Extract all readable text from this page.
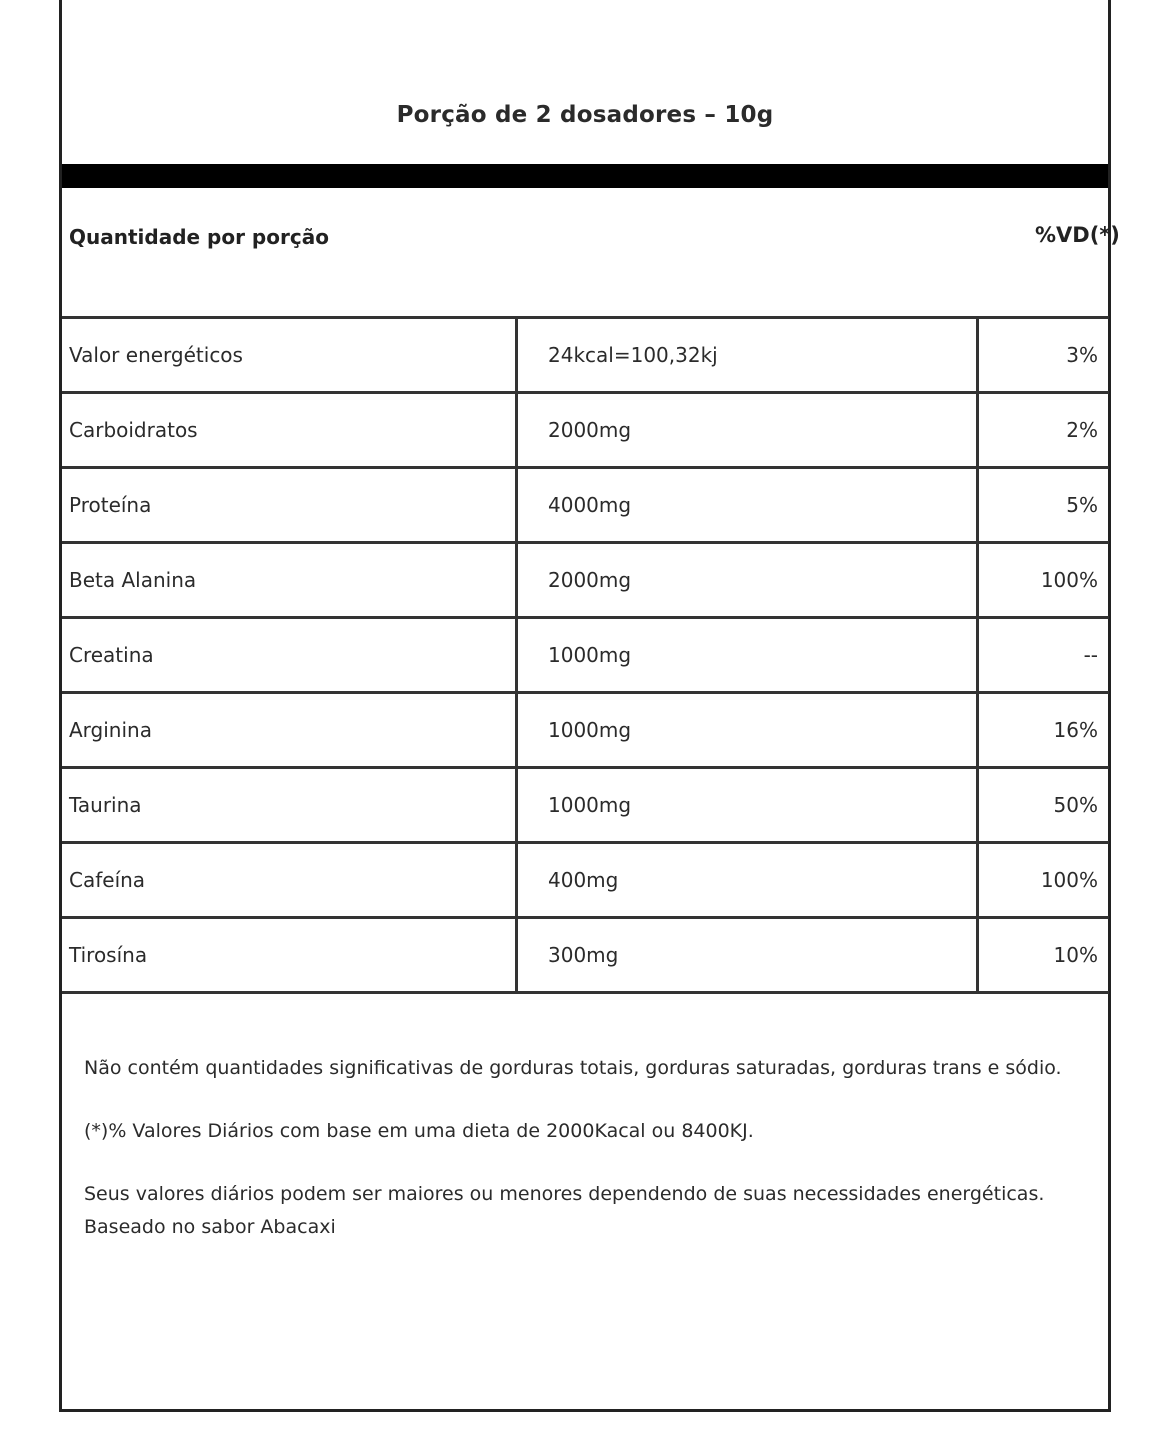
Porção de 2 dosadores – 10g
Quantidade por porção	%VD(*)
Valor energéticos	24kcal=100,32kj	3%
Carboidratos	2000mg	2%
Proteína	4000mg	5%
Beta Alanina	2000mg	100%
Creatina	1000mg	--
Arginina	1000mg	16%
Taurina	1000mg	50%
Cafeína	400mg	100%
Tirosína	300mg	10%

Não contém quantidades significativas de gorduras totais, gorduras saturadas, gorduras trans e sódio.

(*)% Valores Diários com base em uma dieta de 2000Kacal ou 8400KJ.

Seus valores diários podem ser maiores ou menores dependendo de suas necessidades energéticas.

Baseado no sabor Abacaxi
